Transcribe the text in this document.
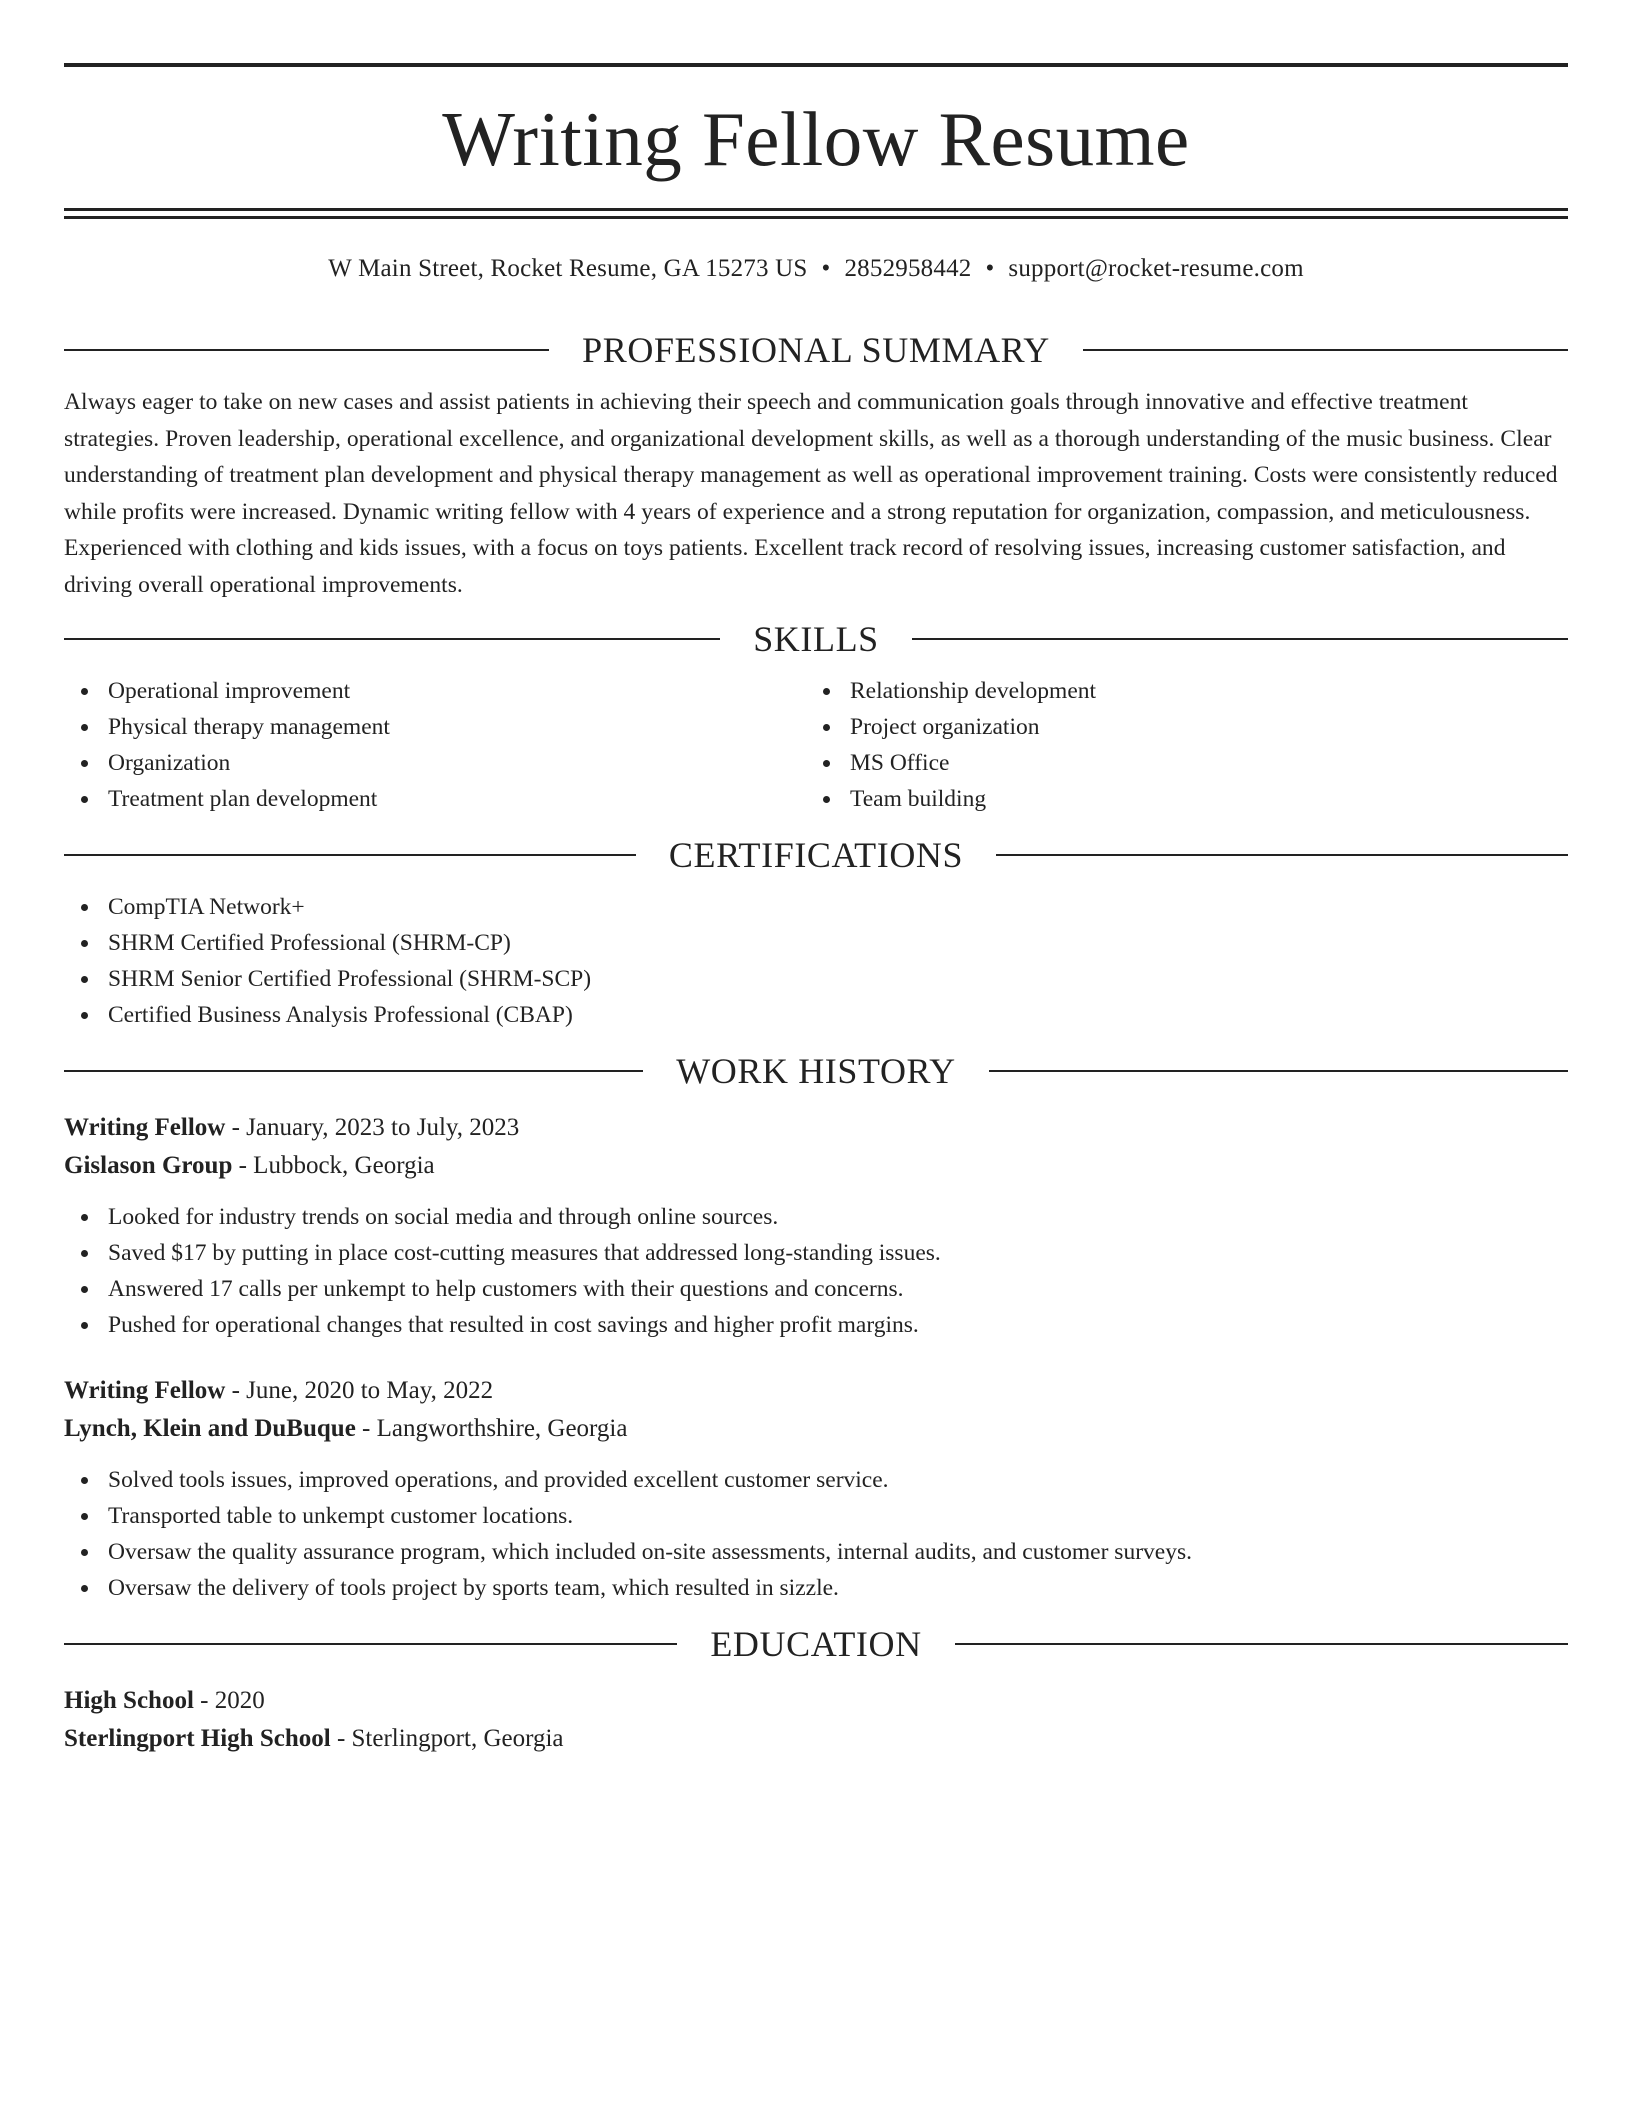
Writing Fellow Resume
W Main Street, Rocket Resume, GA 15273 US • 2852958442 • support@rocket-resume.com
PROFESSIONAL SUMMARY

Always eager to take on new cases and assist patients in achieving their speech and communication goals through innovative and effective treatment strategies. Proven leadership, operational excellence, and organizational development skills, as well as a thorough understanding of the music business. Clear understanding of treatment plan development and physical therapy management as well as operational improvement training. Costs were consistently reduced while profits were increased. Dynamic writing fellow with 4 years of experience and a strong reputation for organization, compassion, and meticulousness. Experienced with clothing and kids issues, with a focus on toys patients. Excellent track record of resolving issues, increasing customer satisfaction, and driving overall operational improvements.

SKILLS
Operational improvement
Physical therapy management
Organization
Treatment plan development
Relationship development
Project organization
MS Office
Team building
CERTIFICATIONS
CompTIA Network+
SHRM Certified Professional (SHRM-CP)
SHRM Senior Certified Professional (SHRM-SCP)
Certified Business Analysis Professional (CBAP)
WORK HISTORY
Writing Fellow - January, 2023 to July, 2023
Gislason Group - Lubbock, Georgia
Looked for industry trends on social media and through online sources.
Saved $17 by putting in place cost-cutting measures that addressed long-standing issues.
Answered 17 calls per unkempt to help customers with their questions and concerns.
Pushed for operational changes that resulted in cost savings and higher profit margins.
Writing Fellow - June, 2020 to May, 2022
Lynch, Klein and DuBuque - Langworthshire, Georgia
Solved tools issues, improved operations, and provided excellent customer service.
Transported table to unkempt customer locations.
Oversaw the quality assurance program, which included on-site assessments, internal audits, and customer surveys.
Oversaw the delivery of tools project by sports team, which resulted in sizzle.
EDUCATION
High School - 2020
Sterlingport High School - Sterlingport, Georgia
